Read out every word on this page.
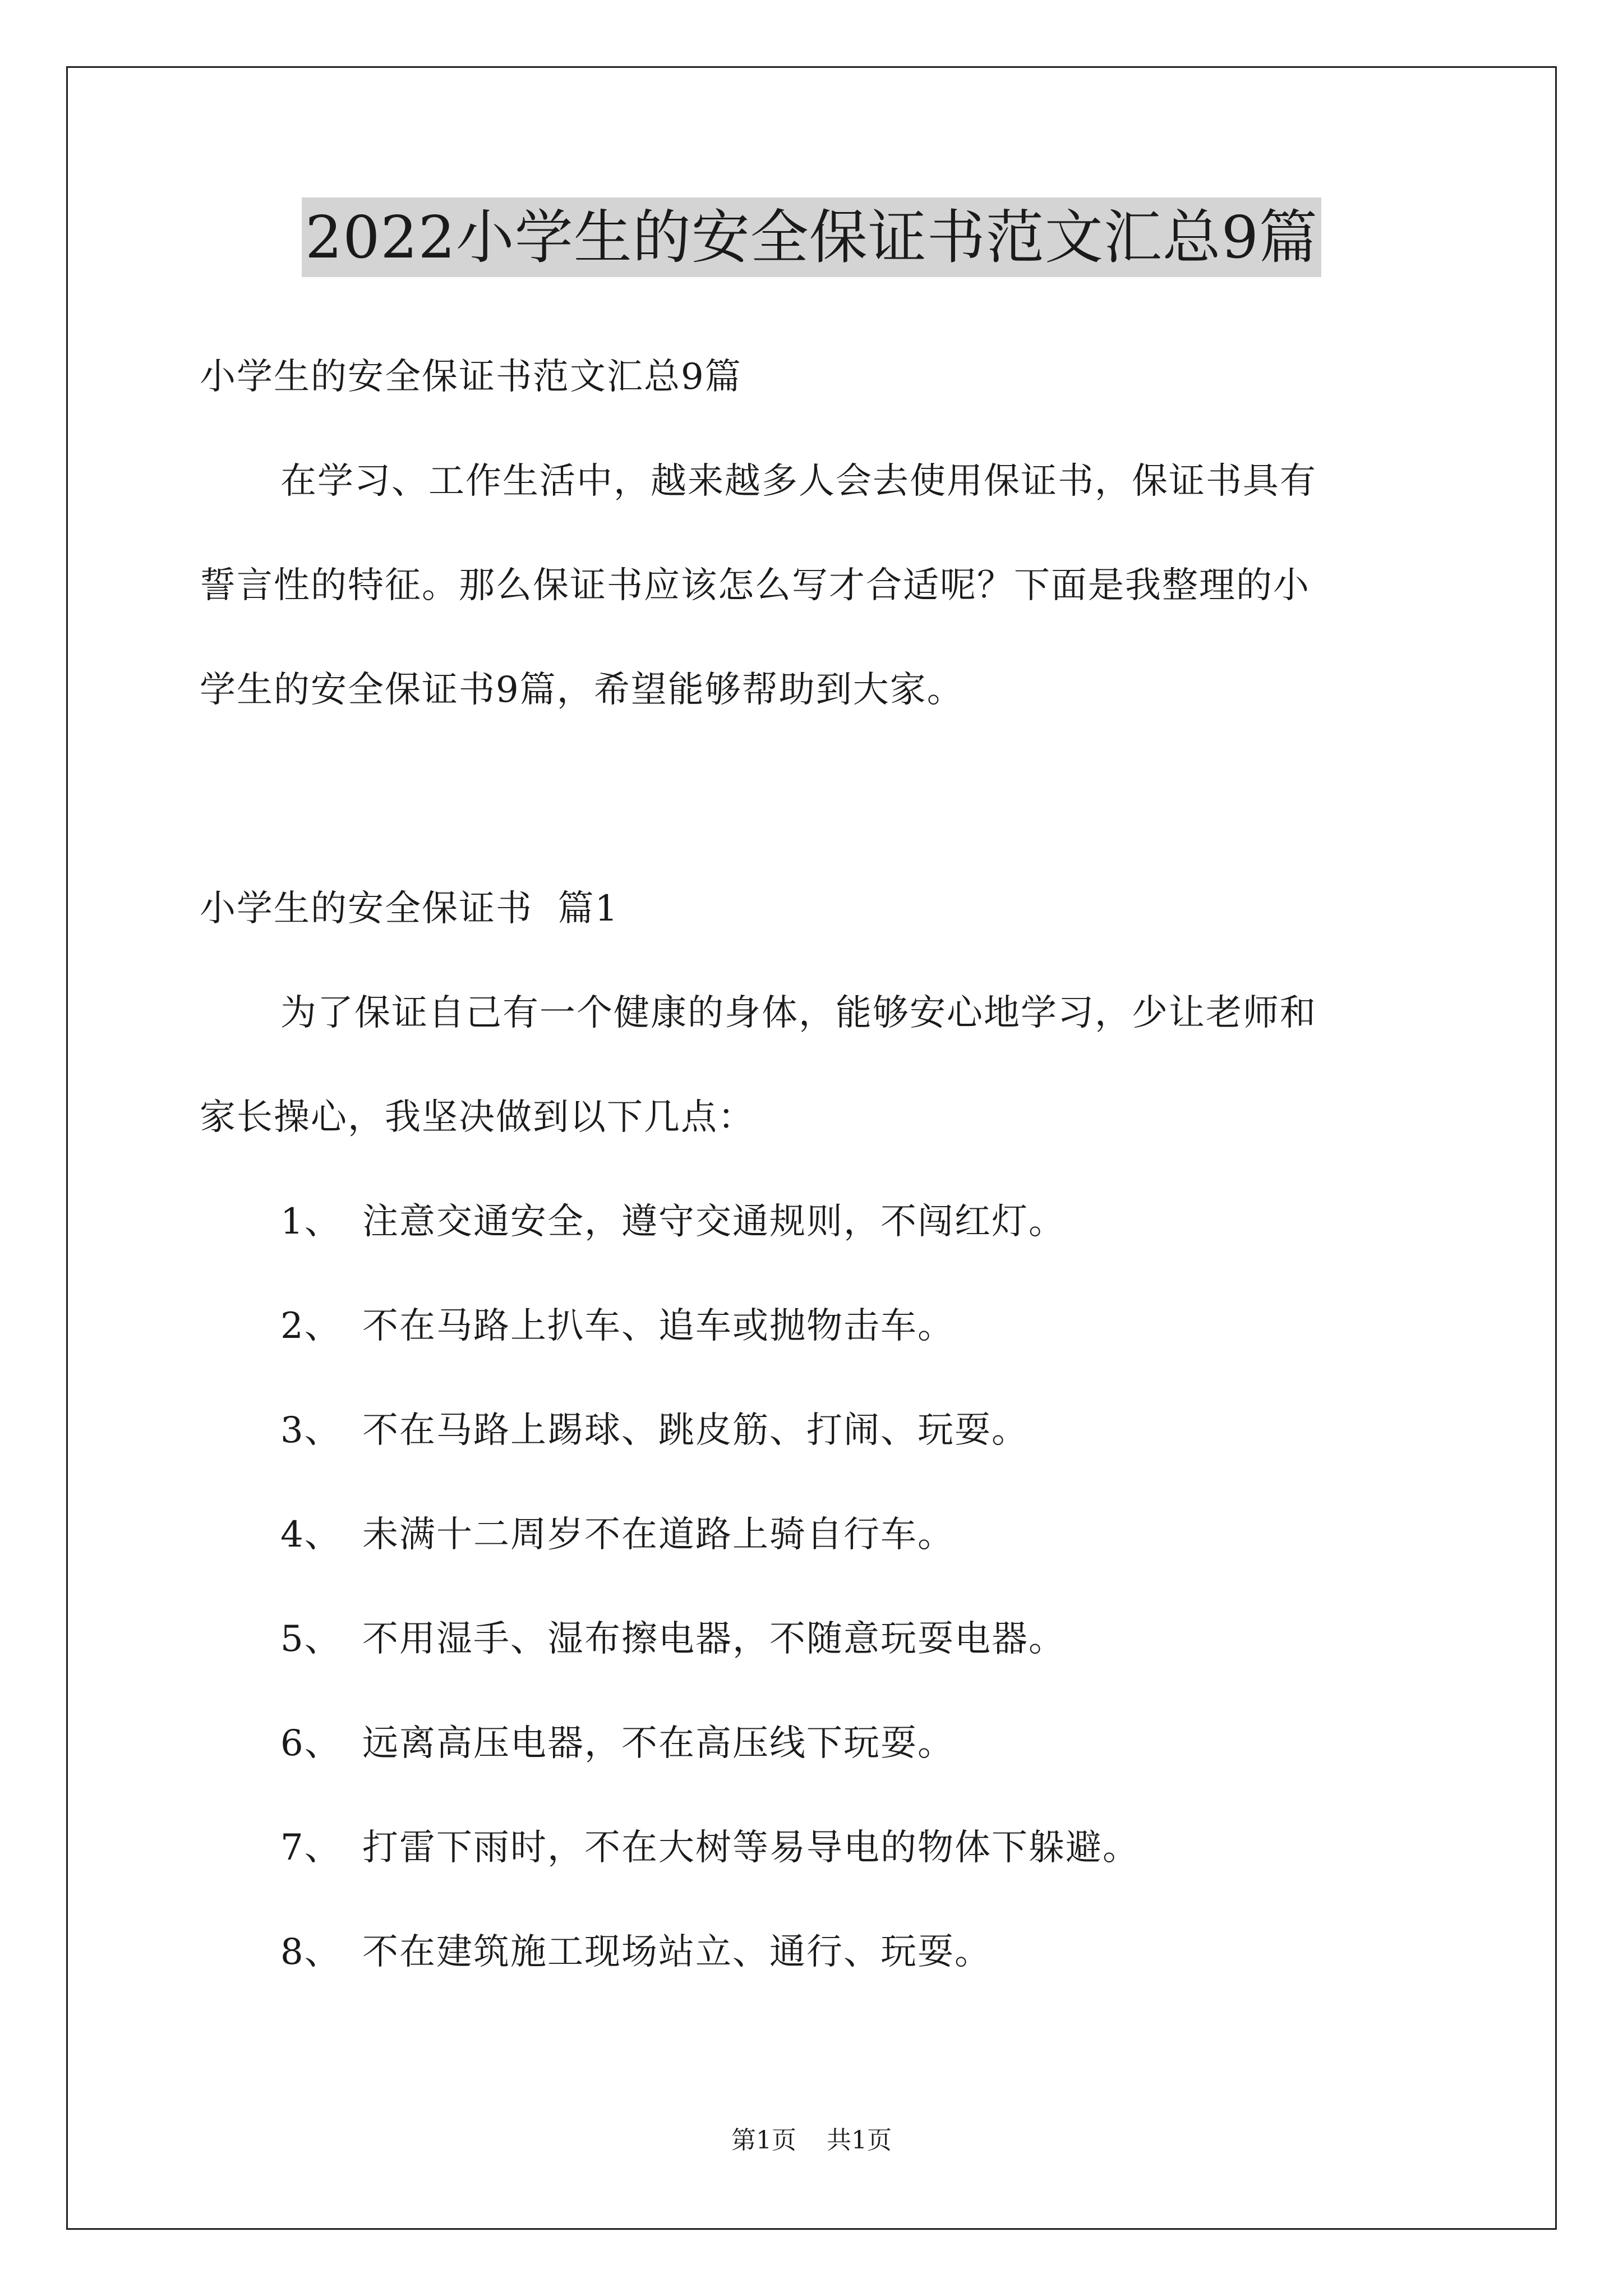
2022小学生的安全保证书范文汇总9篇
小学生的安全保证书范文汇总9篇
在学习、工作生活中，越来越多人会去使用保证书，保证书具有
誓言性的特征。那么保证书应该怎么写才合适呢？下面是我整理的小
学生的安全保证书9篇，希望能够帮助到大家。
小学生的安全保证书  篇1
为了保证自己有一个健康的身体，能够安心地学习，少让老师和
家长操心，我坚决做到以下几点：
1、 注意交通安全，遵守交通规则，不闯红灯。
2、 不在马路上扒车、追车或抛物击车。
3、 不在马路上踢球、跳皮筋、打闹、玩耍。
4、 未满十二周岁不在道路上骑自行车。
5、 不用湿手、湿布擦电器，不随意玩耍电器。
6、 远离高压电器，不在高压线下玩耍。
7、 打雷下雨时，不在大树等易导电的物体下躲避。
8、 不在建筑施工现场站立、通行、玩耍。
第1页 共1页
